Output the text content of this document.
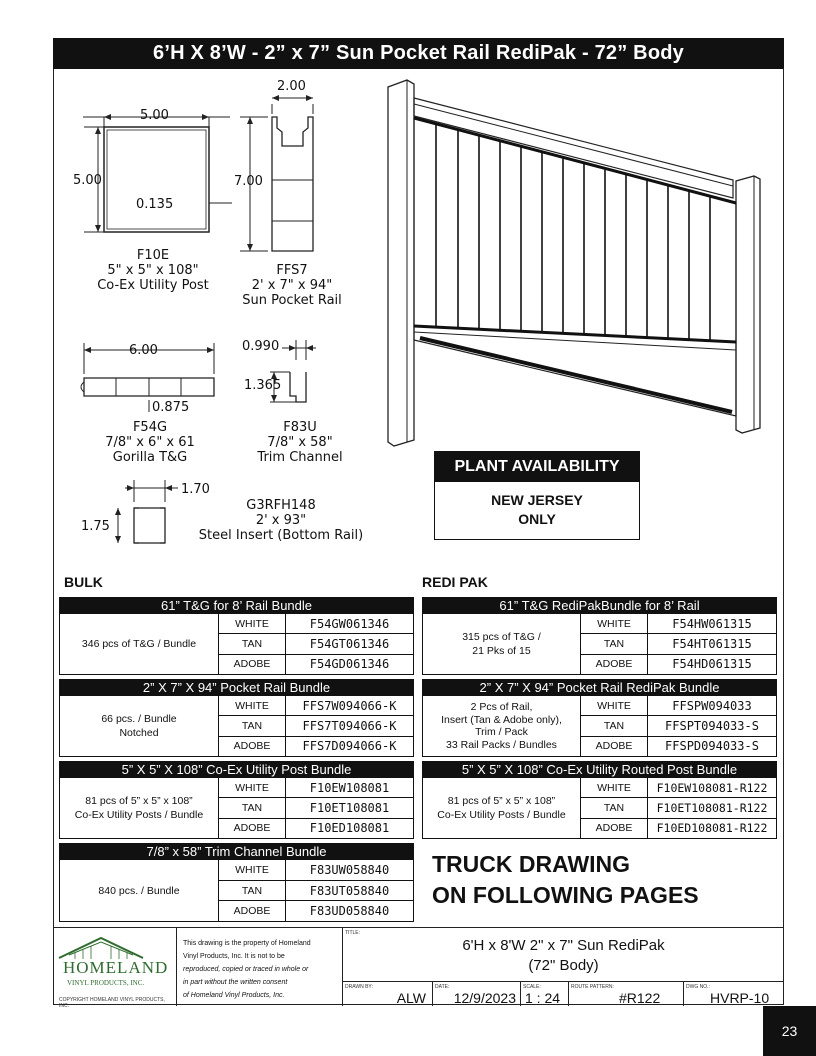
6’H X 8’W - 2” x 7” Sun Pocket Rail RediPak - 72” Body
5.00
5.00
0.135
2.00
7.00
6.00
0.875
0.990
1.365
1.70
1.75
F10E
5" x 5" x 108"
Co-Ex Utility Post
FFS7
2' x 7" x 94"
Sun Pocket Rail
F54G
7/8" x 6" x 61
Gorilla T&G
F83U
7/8" x 58"
Trim Channel
G3RFH148
2' x 93"
Steel Insert (Bottom Rail)
PLANT AVAILABILITY
NEW JERSEY
ONLY
BULK	REDI PAK
61” T&G for 8’ Rail Bundle
346 pcs of T&G / Bundle
WHITE	F54GW061346
TAN	F54GT061346
ADOBE	F54GD061346
2” X 7” X 94” Pocket Rail Bundle
66 pcs. / Bundle
Notched
WHITE	FFS7W094066-K
TAN	FFS7T094066-K
ADOBE	FFS7D094066-K
5” X 5” X 108” Co-Ex Utility Post Bundle
81 pcs of 5” x 5” x 108”
Co-Ex Utility Posts / Bundle
WHITE	F10EW108081
TAN	F10ET108081
ADOBE	F10ED108081
7/8” x 58” Trim Channel Bundle
840 pcs. / Bundle
WHITE	F83UW058840
TAN	F83UT058840
ADOBE	F83UD058840
61” T&G RediPakBundle for 8’ Rail
315 pcs of T&G /
21 Pks of 15
WHITE	F54HW061315
TAN	F54HT061315
ADOBE	F54HD061315
2” X 7” X 94” Pocket Rail RediPak Bundle
2 Pcs of Rail,
Insert (Tan & Adobe only),
Trim / Pack
33 Rail Packs / Bundles
WHITE	FFSPW094033
TAN	FFSPT094033-S
ADOBE	FFSPD094033-S
5” X 5” X 108” Co-Ex Utility Routed Post Bundle
81 pcs of 5” x 5” x 108”
Co-Ex Utility Posts / Bundle
WHITE	F10EW108081-R122
TAN	F10ET108081-R122
ADOBE	F10ED108081-R122
TRUCK DRAWING
ON FOLLOWING PAGES
HOMELAND
VINYL PRODUCTS, INC.
COPYRIGHT HOMELAND VINYL PRODUCTS, INC.
This drawing is the property of Homeland
Vinyl Products, Inc. It is not to be
reproduced, copied or traced in whole or
in part without the written consent
of Homeland Vinyl Products, Inc.
TITLE:
6'H x 8'W 2" x 7" Sun RediPak
(72" Body)
DRAWN BY:
ALW
DATE:
12/9/2023
SCALE:
1 : 24
ROUTE PATTERN:
#R122
DWG NO.:
HVRP-10
23
